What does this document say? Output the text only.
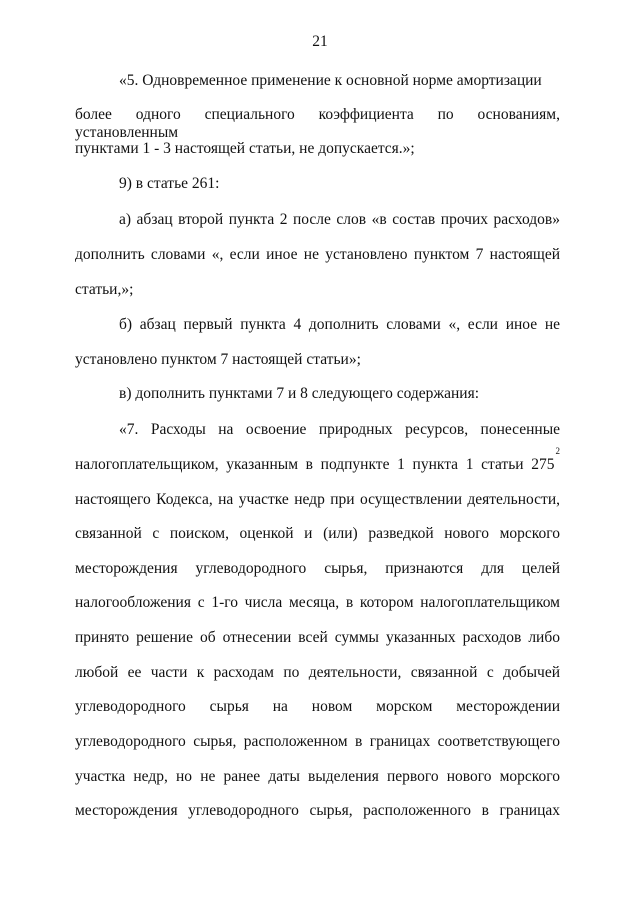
21
«5. Одновременное применение к основной норме амортизации
более одного специального коэффициента по основаниям, установленным
пунктами 1 - 3 настоящей статьи, не допускается.»;
9) в статье 261:
а) абзац второй пункта 2 после слов «в состав прочих расходов»
дополнить словами «, если иное не установлено пунктом 7 настоящей
статьи,»;
б) абзац первый пункта 4 дополнить словами «, если иное не
установлено пунктом 7 настоящей статьи»;
в) дополнить пунктами 7 и 8 следующего содержания:
«7. Расходы на освоение природных ресурсов, понесенные
налогоплательщиком, указанным в подпункте 1 пункта 1 статьи 275
$^2$
настоящего Кодекса, на участке недр при осуществлении деятельности,
связанной с поиском, оценкой и (или) разведкой нового морского
месторождения углеводородного сырья, признаются для целей
налогообложения с 1-го числа месяца, в котором налогоплательщиком
принято решение об отнесении всей суммы указанных расходов либо
любой ее части к расходам по деятельности, связанной с добычей
углеводородного сырья на новом морском месторождении
углеводородного сырья, расположенном в границах соответствующего
участка недр, но не ранее даты выделения первого нового морского
месторождения углеводородного сырья, расположенного в границах
